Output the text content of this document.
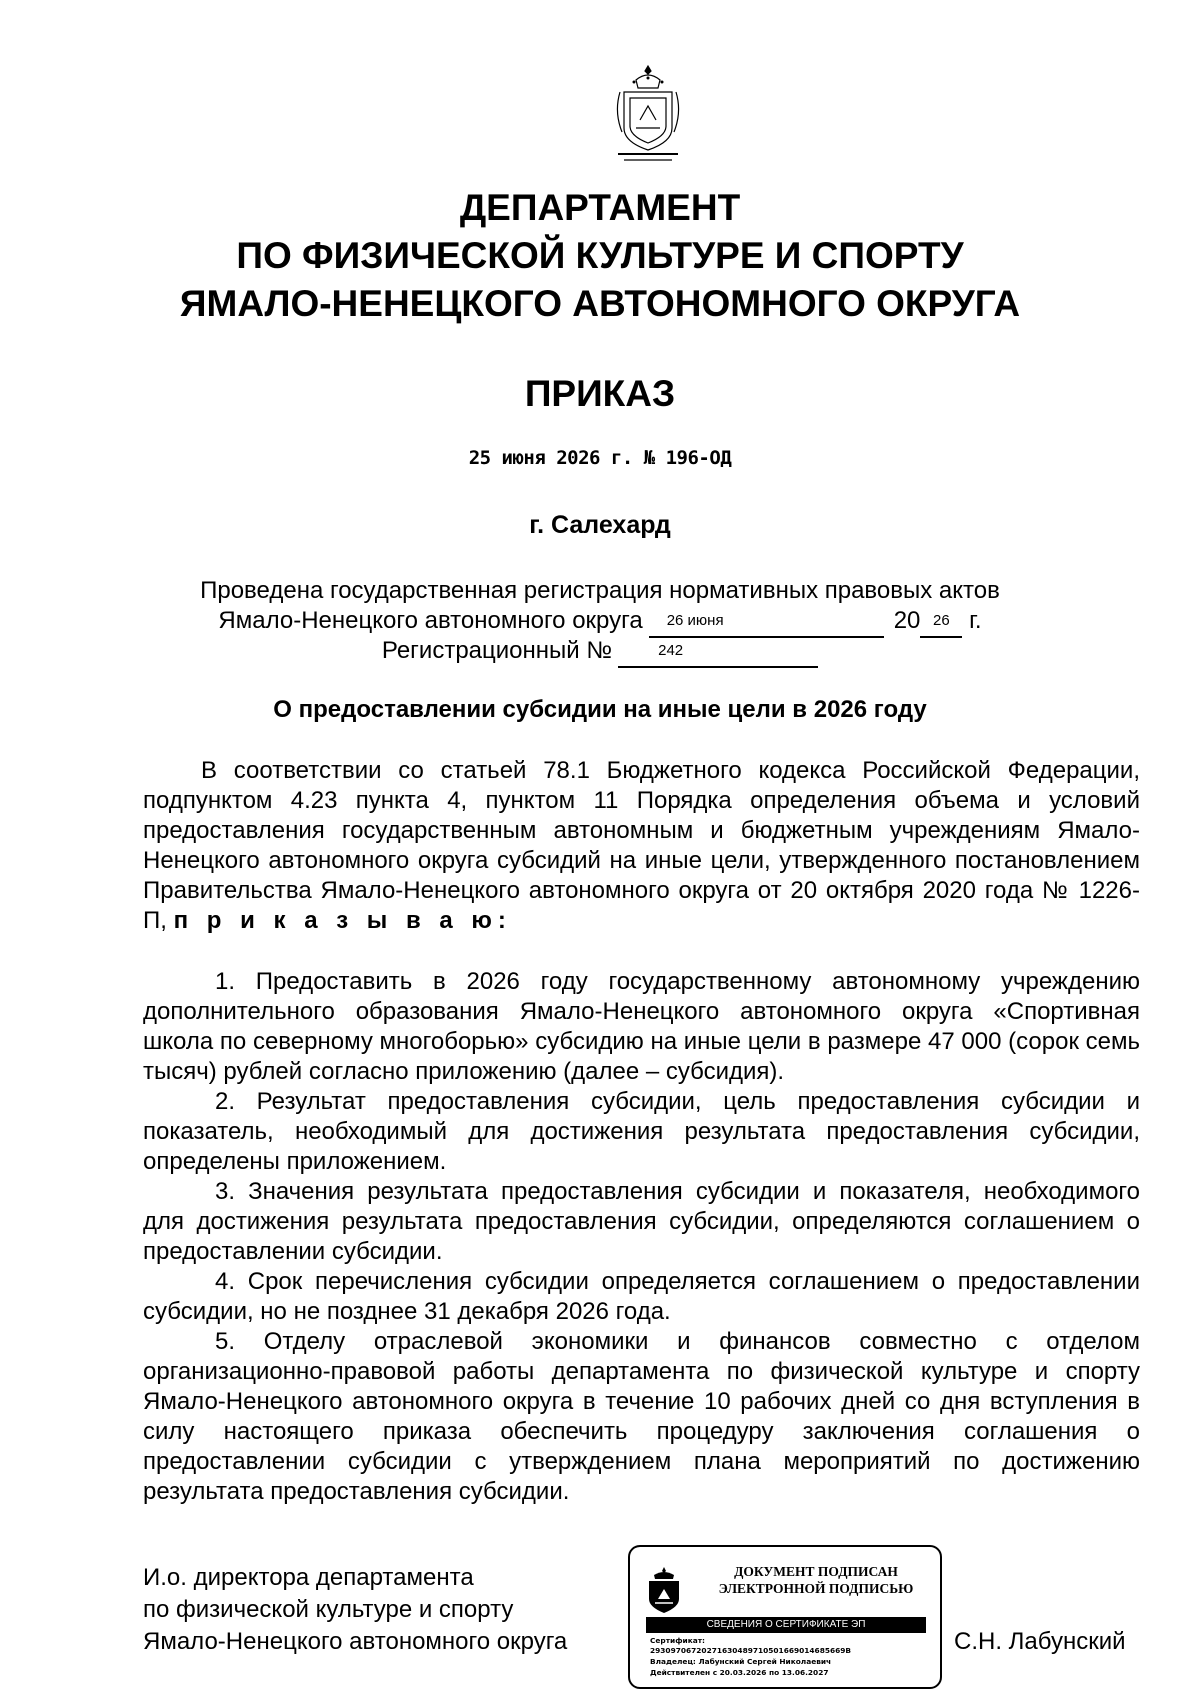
ДЕПАРТАМЕНТ
ПО ФИЗИЧЕСКОЙ КУЛЬТУРЕ И СПОРТУ
ЯМАЛО-НЕНЕЦКОГО АВТОНОМНОГО ОКРУГА
ПРИКАЗ
25 июня 2026 г. № 196-ОД
г. Салехард
Проведена государственная регистрация нормативных правовых актов
Ямало-Ненецкого автономного округа 26 июня	20 26 г.
Регистрационный №	242
О предоставлении субсидии на иные цели в 2026 году

В соответствии со статьей 78.1 Бюджетного кодекса Российской Федерации, подпунктом 4.23 пункта 4, пунктом 11 Порядка определения объема и условий предоставления государственным автономным и бюджетным учреждениям Ямало-Ненецкого автономного округа субсидий на иные цели, утвержденного постановлением Правительства Ямало-Ненецкого автономного округа от 20 октября 2020 года № 1226-П, п р и к а з ы в а ю:

1. Предоставить в 2026 году государственному автономному учреждению дополнительного образования Ямало-Ненецкого автономного округа «Спортивная школа по северному многоборью» субсидию на иные цели в размере 47 000 (сорок семь тысяч) рублей согласно приложению (далее – субсидия).

2. Результат предоставления субсидии, цель предоставления субсидии и показатель, необходимый для достижения результата предоставления субсидии, определены приложением.

3. Значения результата предоставления субсидии и показателя, необходимого для достижения результата предоставления субсидии, определяются соглашением о предоставлении субсидии.

4. Срок перечисления субсидии определяется соглашением о предоставлении субсидии, но не позднее 31 декабря 2026 года.

5. Отделу отраслевой экономики и финансов совместно с отделом организационно-правовой работы департамента по физической культуре и спорту Ямало-Ненецкого автономного округа в течение 10 рабочих дней со дня вступления в силу настоящего приказа обеспечить процедуру заключения соглашения о предоставлении субсидии с утверждением плана мероприятий по достижению результата предоставления субсидии.

И.о. директора департамента
по физической культуре и спорту
Ямало-Ненецкого автономного округа
ДОКУМЕНТ ПОДПИСАН
ЭЛЕКТРОННОЙ ПОДПИСЬЮ
СВЕДЕНИЯ О СЕРТИФИКАТЕ ЭП
Сертификат:
29309706720271630489710501669014685669B
Владелец: Лабунский Сергей Николаевич
Действителен с 20.03.2026 по 13.06.2027
С.Н. Лабунский
